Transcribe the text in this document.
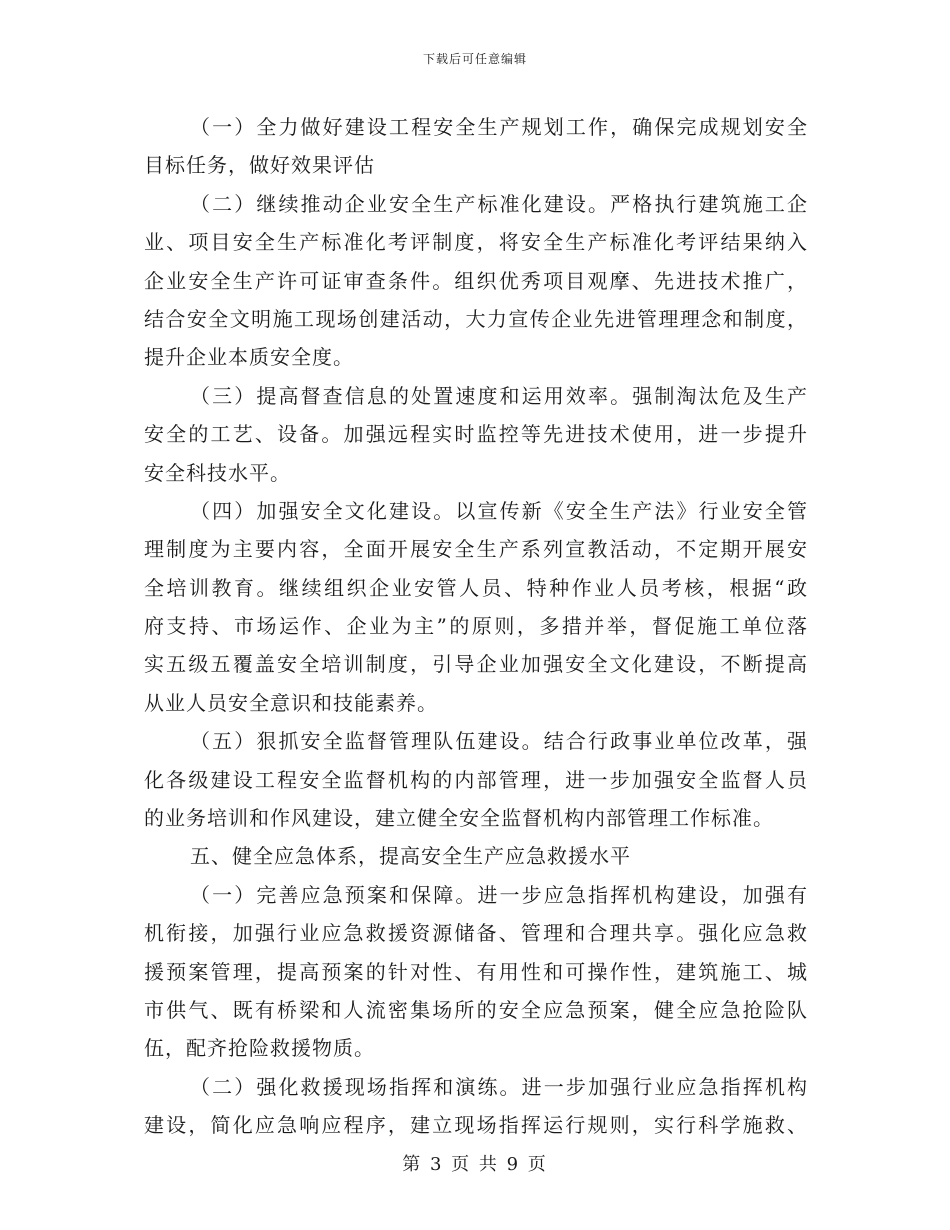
下载后可任意编辑
（一）全力做好建设工程安全生产规划工作，确保完成规划安全
目标任务，做好效果评估
（二）继续推动企业安全生产标准化建设。严格执行建筑施工企
业、项目安全生产标准化考评制度，将安全生产标准化考评结果纳入
企业安全生产许可证审查条件。组织优秀项目观摩、先进技术推广，
结合安全文明施工现场创建活动，大力宣传企业先进管理理念和制度，
提升企业本质安全度。
（三）提高督查信息的处置速度和运用效率。强制淘汰危及生产
安全的工艺、设备。加强远程实时监控等先进技术使用，进一步提升
安全科技水平。
（四）加强安全文化建设。以宣传新《安全生产法》行业安全管
理制度为主要内容，全面开展安全生产系列宣教活动，不定期开展安
全培训教育。继续组织企业安管人员、特种作业人员考核，根据“政
府支持、市场运作、企业为主”的原则，多措并举，督促施工单位落
实五级五覆盖安全培训制度，引导企业加强安全文化建设，不断提高
从业人员安全意识和技能素养。
（五）狠抓安全监督管理队伍建设。结合行政事业单位改革，强
化各级建设工程安全监督机构的内部管理，进一步加强安全监督人员
的业务培训和作风建设，建立健全安全监督机构内部管理工作标准。
五、健全应急体系，提高安全生产应急救援水平
（一）完善应急预案和保障。进一步应急指挥机构建设，加强有
机衔接，加强行业应急救援资源储备、管理和合理共享。强化应急救
援预案管理，提高预案的针对性、有用性和可操作性，建筑施工、城
市供气、既有桥梁和人流密集场所的安全应急预案，健全应急抢险队
伍，配齐抢险救援物质。
（二）强化救援现场指挥和演练。进一步加强行业应急指挥机构
建设，简化应急响应程序，建立现场指挥运行规则，实行科学施救、
第 3 页 共 9 页
